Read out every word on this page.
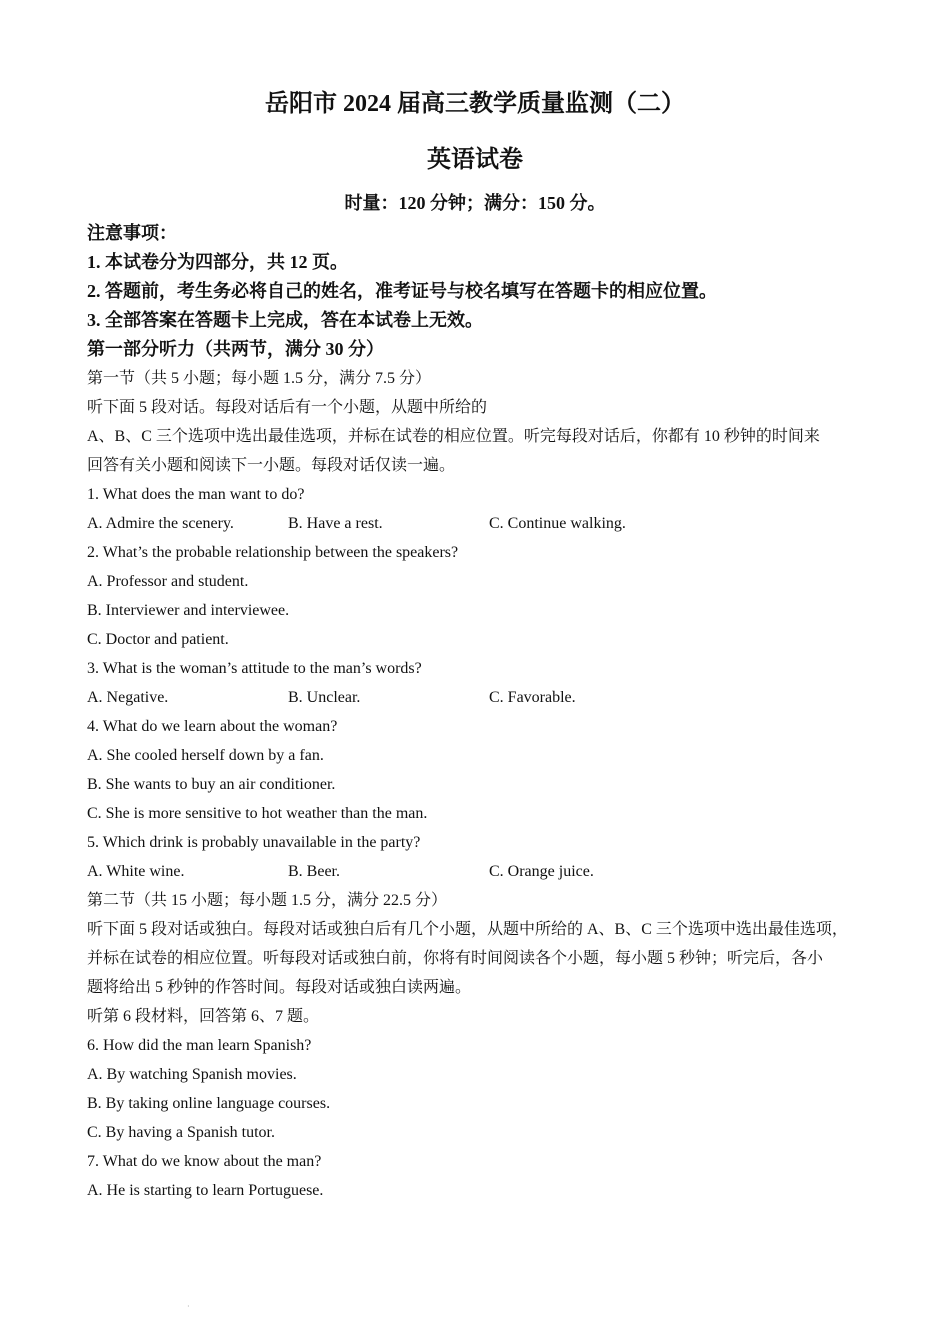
岳阳市 2024 届高三教学质量监测（二）
英语试卷
时量：120 分钟；满分：150 分。
注意事项：
1. 本试卷分为四部分，共 12 页。
2. 答题前，考生务必将自己的姓名，准考证号与校名填写在答题卡的相应位置。
3. 全部答案在答题卡上完成，答在本试卷上无效。
第一部分听力（共两节，满分 30 分）
第一节（共 5 小题；每小题 1.5 分，满分 7.5 分）
听下面 5 段对话。每段对话后有一个小题，从题中所给的
A、B、C 三个选项中选出最佳选项，并标在试卷的相应位置。听完每段对话后，你都有 10 秒钟的时间来
回答有关小题和阅读下一小题。每段对话仅读一遍。
1. What does the man want to do?
A. Admire the scenery.	B. Have a rest.	C. Continue walking.
2. What’s the probable relationship between the speakers?
A. Professor and student.
B. Interviewer and interviewee.
C. Doctor and patient.
3. What is the woman’s attitude to the man’s words?
A. Negative.	B. Unclear.	C. Favorable.
4. What do we learn about the woman?
A. She cooled herself down by a fan.
B. She wants to buy an air conditioner.
C. She is more sensitive to hot weather than the man.
5. Which drink is probably unavailable in the party?
A. White wine.	B. Beer.	C. Orange juice.
第二节（共 15 小题；每小题 1.5 分，满分 22.5 分）
听下面 5 段对话或独白。每段对话或独白后有几个小题，从题中所给的 A、B、C 三个选项中选出最佳选项，
并标在试卷的相应位置。听每段对话或独白前，你将有时间阅读各个小题，每小题 5 秒钟；听完后，各小
题将给出 5 秒钟的作答时间。每段对话或独白读两遍。
听第 6 段材料，回答第 6、7 题。
6. How did the man learn Spanish?
A. By watching Spanish movies.
B. By taking online language courses.
C. By having a Spanish tutor.
7. What do we know about the man?
A. He is starting to learn Portuguese.
·
